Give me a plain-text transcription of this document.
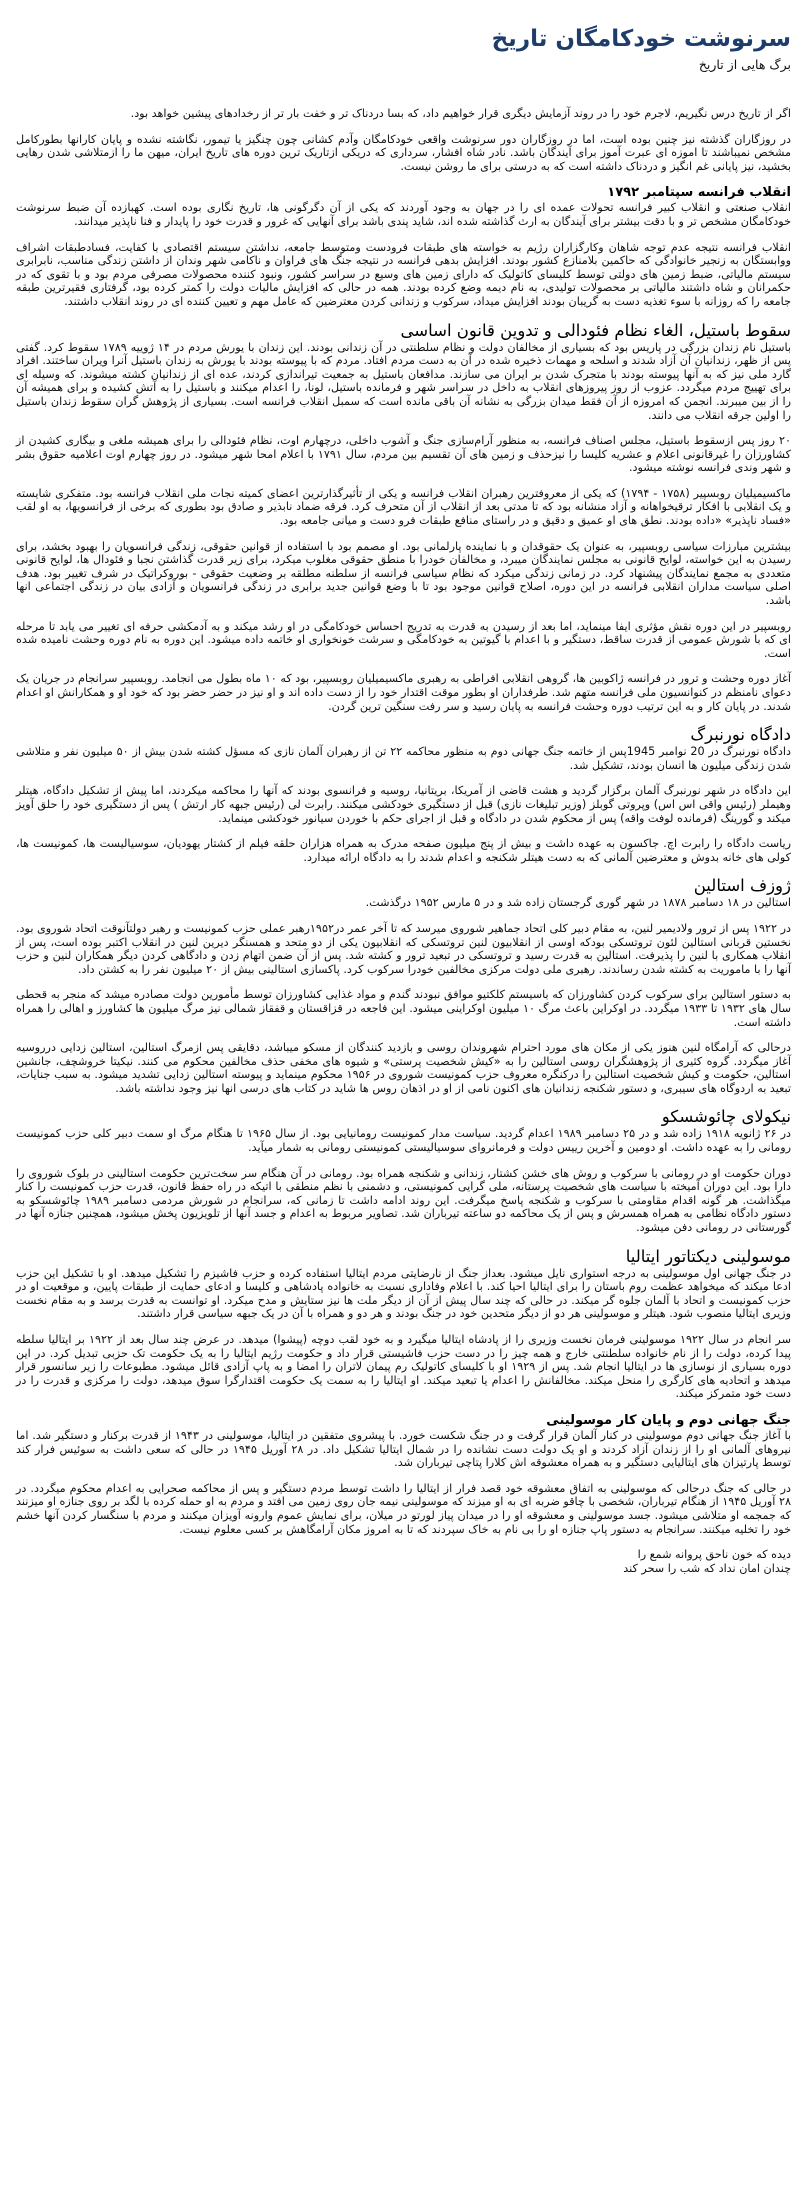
سرنوشت خودکامگان تاریخ
برگ هایی از تاریخ

اگر از تاریخ درس نگیریم، لاجرم خود را در روند آزمایش دیگری قرار خواهیم داد، که بسا دردناک تر و خفت بار تر از رخدادهای پیشین خواهد بود.

در روزگاران گذشته نیز چنین بوده است، اما در روزگاران دور سرنوشت واقعی خودکامگان وآدم کشانی چون چنگیز یا تیمور، نگاشته نشده و پایان کارانها بطورکامل مشخص نمیباشند تا اموزه ای عبرت آموز برای آیندگان باشد. نادر شاه افشار، سرداری که دریکی ازتاریک ترین دوره های تاریخ ایران، میهن ما را ازمتلاشی شدن رهایی بخشید، نیز پایانی غم انگیز و دردناک داشته است که به درستی برای ما روشن نیست.

انقلاب فرانسه سپتامبر ۱۷۹۲

انقلاب صنعتی و انقلاب کبیر فرانسه تحولات عمده ای را در جهان به وجود آوردند که یکی از آن دگرگونی ها، تاریخ نگاری بوده است. کهبازده آن ضبط سرنوشت خودکامگان مشخص تر و با دقت بیشتر برای آیندگان به ارث گذاشته شده اند، شاید پندی باشد برای آنهایی که غرور و قدرت خود را پایدار و فنا ناپذیر میدانند.

انقلاب فرانسه نتیجه عدم توجه شاهان وکارگزاران رژیم به خواسته های طبقات فرودست ومتوسط جامعه، نداشتن سیستم اقتصادی با کفایت، فسادطبقات اشراف ووابستگان به زنجیر خانوادگی که حاکمین بلامنازع کشور بودند. افزایش بدهی فرانسه در نتیجه جنگ های فراوان و ناکامی شهر وندان از داشتن زندگی مناسب، نابرابری سیستم مالیاتی، ضبط زمین های دولتی توسط کلیسای کاتولیک که دارای زمین های وسیع در سراسر کشور، ونبود کننده محصولات مصرفی مردم بود و با تقوی که در حکمرانان و شاه داشتند مالیاتی بر محصولات تولیدی، به نام دیمه وضع کرده بودند. همه در حالی که افزایش مالیات دولت را کمتر کرده بود، گرفتاری فقیرترین طبقه جامعه را که روزانه با سوء تغذیه دست به گریبان بودند افزایش میداد، سرکوب و زندانی کردن معترضین که عامل مهم و تعیین کننده ای در روند انقلاب داشتند.

سقوط باستیل، الغاء نظام فئودالی و تدوین قانون اساسی

باستیل نام زندان بزرگی در پاریس بود که بسیاری از مخالفان دولت و نظام سلطنتی در آن زندانی بودند. این زندان با یورش مردم در ۱۴ ژوییه ۱۷۸۹ سقوط کرد. گفتی پس از ظهر، زندانیان آن آزاد شدند و اسلحه و مهمات ذخیره شده در آن به دست مردم افتاد. مردم که با پیوسته بودند با یورش به زندان باستیل آنرا ویران ساختند. افراد گارد ملی نیز که به آنها پیوسته بودند با متجرک شدن بر ایران می سازند. مدافعان باستیل به جمعیت تیراندازی کردند، عده ای از زندانیان کشته میشوند. که وسیله ای برای تهییج مردم میگردد. عزوب از روز پیروزهای انقلاب به داخل در سراسر شهر و فرمانده باستیل، لونا، را اعدام میکنند و باستیل را به آتش کشیده و برای همیشه آن را از بین میبرند. انجمن که امروزه از آن فقط میدان بزرگی به نشانه آن باقی مانده است که سمبل انقلاب فرانسه است. بسیاری از پژوهش گران سقوط زندان باستیل را اولین جرقه انقلاب می دانند.

۲۰ روز پس ازسقوط باستیل، مجلس اصناف فرانسه، به منظور آرام‌سازی جنگ و آشوب داخلی، درچهارم اوت، نظام فئودالی را برای همیشه ملغی و بیگاری کشیدن از کشاورزان را غیرقانونی اعلام و عشریه کلیسا را نیزحذف و زمین های آن تقسیم بین مردم، سال ۱۷۹۱ با اعلام امحا شهر میشود. در روز چهارم اوت اعلامیه حقوق بشر و شهر وندی فرانسه نوشته میشود.

ماکسیمیلیان روبسپیر (۱۷۵۸ - ۱۷۹۴) که یکی از معروفترین رهبران انقلاب فرانسه و یکی از تأثیرگذارترین اعضای کمیته نجات ملی انقلاب فرانسه بود. متفکری شایسته و یک انقلابی با افکار ترقیخواهانه و آزاد منشانه بود که تا مدتی بعد از انقلاب از آن متحرف کرد. فرقه ضماد نابذیر و صادق بود بطوری که برخی از فرانسویها، به او لقب «فساد ناپذیر» «داده بودند. نطق های او عمیق و دقیق و در راستای منافع طبقات فرو دست و میانی جامعه بود.

بیشترین مبارزات سیاسی روبسپیر، به عنوان یک حقوقدان و با نماینده پارلمانی بود. او مصمم بود با استفاده از قوانین حقوقی، زندگی فرانسویان را بهبود بخشد، برای رسیدن به این خواسته، لوایح قانونی به مجلس نمایندگان میبرد، و مخالفان خودرا با منطق حقوقی مغلوب میکرد، برای زیر قدرت گذاشتن نجبا و فئودال ها، لوایح قانونی متعددی به مجمع نمایندگان پیشنهاد کرد. در زمانی زندگی میکرد که نظام سیاسی فرانسه از سلطنه مطلقه بر وضعیت حقوقی - بوروکراتیک در شرف تغییر بود. هدف اصلی سیاست مداران انقلابی فرانسه در این دوره، اصلاح قوانین موجود بود تا با وضع قوانین جدید برابری ‌در زندگی فرانسویان و آزادی بیان در زندگی اجتماعی انها باشد.

روبسپیر در این دوره نقش مؤثری ایفا مینماید، اما بعد از رسیدن به قدرت به تدریج احساس خودکامگی در او رشد میکند و به آدمکشی حرفه ای تغییر می یابد تا مرحله ای که با شورش عمومی از قدرت ساقط، دستگیر و با اعدام با گیوتین به خودکامگی و سرشت خونخواری او خاتمه داده میشود. این دوره به نام دوره وحشت نامیده شده است.

آغاز دوره وحشت و ترور در فرانسه ژاکوبین ها، گروهی انقلابی افراطی به رهبری ماکسیمیلیان روبسپیر، بود که ۱۰ ماه بطول می انجامد. روبسپیر سرانجام در جریان یک دعوای نامنظم در کنوانسیون ملی فرانسه متهم شد. طرفداران او بطور موقت اقتدار خود را از دست داده اند و او نیز در حضر حضر بود که خود او و همکارانش او اعدام شدند. در پایان کار و به این ترتیب دوره وحشت فرانسه به پایان رسید و سر رفت سنگین ترین گردن.

دادگاه نورنبرگ

دادگاه نورنبرگ در 20 نوامبر 1945پس از خاتمه جنگ جهانی دوم به منظور محاکمه ۲۲ تن از رهبران آلمان نازی که مسؤل کشته شدن بیش از ۵۰ میلیون نفر و متلاشی شدن زندگی میلیون ها انسان بودند، تشکیل شد.

این دادگاه در شهر نورنبرگ آلمان برگزار گردید و هشت قاضی از آمریکا، بریتانیا، روسیه و فرانسوی بودند که آنها را محاکمه میکردند، اما پیش از تشکیل دادگاه، هیتلر وهیملر (رئیس واقی اس اس) وپروتی گوبلز (وزیر تبلیغات نازی) قبل از دستگیری خودکشی میکنند. رابرت لی (رئیس جبهه کار ارتش ) پس از دستگیری خود را حلق آویز میکند و گورینگ (فرمانده لوفت واقه) پس از محکوم شدن در دادگاه و قبل از اجرای حکم با خوردن سیانور خودکشی مینماید.

ریاست دادگاه را رابرت اچ. جاکسون به عهده داشت و بیش از پنج میلیون صفحه مدرک به همراه هزاران حلقه فیلم از کشتار یهودیان، سوسیالیست ها، کمونیست ها، کولی های خانه بدوش و معترضین آلمانی که به دست هیتلر شکنجه و اعدام شدند را به دادگاه ارائه میدارد.

ژوزف استالین

استالین در ۱۸ دسامبر ۱۸۷۸ در شهر گوری گرجستان زاده شد و در ۵ مارس ۱۹۵۲ درگذشت.

در ۱۹۲۲ پس از ترور ولادیمیر لنین، به مقام دبیر کلی اتحاد جماهیر شوروی میرسد که تا آخر عمر در۱۹۵۲رهبر عملی حزب کمونیست و رهبر دولتآنوقت اتحاد شوروی بود. نخستین قربانی استالین لئون تروتسکی بودکه اوسی از انقلابیون لنین تروتسکی که انقلابیون یکی از دو متحد و همسنگر دیرین لنین در انقلاب اکتبر بوده است، پس از انقلاب همکاری با لنین را پذیرفت. استالین به قدرت رسید و تروتسکی در تبعید ترور و کشته شد. پس از آن ضمن اتهام زدن و دادگاهی کردن دیگر همکاران لنین و حزب آنها را با ماموریت به کشته شدن رساندند. رهبری ملی دولت مرکزی مخالفین خودرا سرکوب کرد. پاکسازی استالینی بیش از ۲۰ میلیون نفر را به کشتن داد.

به دستور استالین برای سرکوب کردن کشاورزان که باسیستم کلکتیو موافق نبودند گندم و مواد غذایی کشاورزان توسط مأمورین دولت مصادره میشد که منجر به قحطی سال های ۱۹۳۲ تا ۱۹۳۳ میگردد. در اوکراین باعث مرگ ۱۰ میلیون اوکراینی میشود. این فاجعه در قزاقستان و قفقاز شمالی نیز مرگ میلیون ها کشاورز و اهالی را همراه داشته است.

درحالی که آرامگاه لنین هنوز یکی از مکان های مورد احترام شهروندان روسی و بازدید کنندگان از مسکو میباشد، دقایقی پس ازمرگ استالین، استالین زدایی درروسیه آغاز میگردد. گروه کثیری از پژوهشگران روسی استالین را به «کیش شخصیت پرستی» و شیوه های مخفی حذف مخالفین محکوم می کنند. نیکیتا خروشچف، جانشین استالین، حکومت و کیش شخصیت استالین را درکنگره معروف حزب کمونیست شوروی در ۱۹۵۶ محکوم مینماید و پیوسته استالین زدایی تشدید میشود. به سبب جنایات، تبعید به اردوگاه های سیبری، و دستور شکنجه زندانیان های اکنون نامی از او در اذهان روس ها شاید در کتاب های درسی انها نیز وجود نداشته باشد.

نیکولای چائوشسکو

در ۲۶ ژانویه ۱۹۱۸ زاده شد و در ۲۵ دسامبر ۱۹۸۹ اعدام گردید. سیاست مدار کمونیست رومانیایی بود. از سال ۱۹۶۵ تا هنگام مرگ او سمت دبیر کلی حزب کمونیست رومانی را به عهده داشت. او دومین و آخرین رییس دولت و فرمانروای سوسیالیستی کمونیستی رومانی به شمار میآید.

دوران حکومت او در رومانی با سرکوب و روش های خشن کشتار، زندانی و شکنجه همراه بود. رومانی در آن هنگام سر سخت‌ترین حکومت استالینی در بلوک شوروی را دارا بود. این دوران آمیخته با سیاست های شخصیت پرستانه، ملی گرایی کمونیستی، و دشمنی با نظم منطقی با اتیکه در راه حفظ قانون، قدرت حزب کمونیست را کنار میگذاشت. هر گونه اقدام مقاومتی با سرکوب و شکنجه پاسخ میگرفت. این روند ادامه داشت تا زمانی که، سرانجام در شورش مردمی دسامبر ۱۹۸۹ چائوشسکو به دستور دادگاه نظامی به همراه همسرش و پس از یک محاکمه دو ساعته تیرباران شد. تصاویر مربوط به اعدام و جسد آنها از تلویزیون پخش میشود، همچنین جنازه آنها در گورستانی در رومانی دفن میشود.

موسولینی دیکتاتور ایتالیا

در جنگ جهانی اول موسولینی به درجه استواری نایل میشود. بعداز جنگ از نارضایتی مردم ایتالیا استفاده کرده و حزب فاشیزم را تشکیل میدهد. او با تشکیل این حزب ادعا میکند که میخواهد عظمت روم باستان را برای ایتالیا احیا کند. با اعلام وفاداری نسبت به خانواده پادشاهی و کلیسا و ادعای حمایت از طبقات پایین، و موقعیت او در حزب کمونیست و اتحاد با آلمان جلوه گر میکند. در حالی که چند سال پیش از آن از دیگر ملت ها نیز ستایش و مدح میکرد. او توانست به قدرت برسد و به مقام نخست وزیری ایتالیا منصوب شود. هیتلر و موسولینی هر دو از دیگر متحدین خود در جنگ بودند و هر دو و همراه با آن در یک جبهه سیاسی قرار داشتند.

سر انجام در سال ۱۹۲۲ موسولینی فرمان نخست وزیری را از پادشاه ایتالیا میگیرد و به خود لقب دوچه (پیشوا) میدهد. در عرض چند سال بعد از ۱۹۲۲ بر ایتالیا سلطه پیدا کرده، دولت را از نام خانواده سلطنتی خارج و همه چیز را در دست حزب فاشیستی قرار داد و حکومت رژیم ایتالیا را به یک حکومت تک حزبی تبدیل کرد. در این دوره بسیاری از نوسازی ها در ایتالیا انجام شد. پس از ۱۹۲۹ او با کلیسای کاتولیک رم پیمان لاتران را امضا و به پاپ آزادی قائل میشود. مطبوعات را زیر سانسور قرار میدهد و اتحادیه های کارگری را منحل میکند. مخالفانش را اعدام یا تبعید میکند. او ایتالیا را به سمت یک حکومت اقتدارگرا سوق میدهد، دولت را مرکزی و قدرت را در دست خود متمرکز میکند.

جنگ جهانی دوم و پایان کار موسولینی

با آغاز جنگ جهانی دوم موسولینی در کنار آلمان قرار گرفت و در جنگ شکست خورد. با پیشروی متفقین در ایتالیا، موسولینی در ۱۹۴۳ از قدرت برکنار و دستگیر شد. اما نیروهای آلمانی او را از زندان آزاد کردند و او یک دولت دست نشانده را در شمال ایتالیا تشکیل داد. در ۲۸ آوریل ۱۹۴۵ در حالی که سعی داشت به سوئیس فرار کند توسط پارتیزان های ایتالیایی دستگیر و به همراه معشوقه اش کلارا پتاچی تیرباران شد.

در حالی که جنگ درحالی که موسولینی به اتفاق معشوقه خود قصد فرار از ایتالیا را داشت توسط مردم دستگیر و پس از محاکمه صحرایی به اعدام محکوم میگردد. در ۲۸ آوریل ۱۹۴۵ از هنگام تیرباران، شخصی با چاقو ضربه ای به او میزند که موسولینی نیمه جان روی زمین می افتد و مردم به او حمله کرده با لگد بر روی جنازه او میزنند که جمجمه او متلاشی میشود. جسد موسولینی و معشوقه او را در میدان پیاز لورتو در میلان، برای نمایش عموم وارونه آویزان میکنند و مردم با سنگسار کردن آنها خشم خود را تخلیه میکنند. سرانجام به دستور پاپ جنازه او را بی نام به خاک سپردند که تا به امروز مکان آرامگاهش بر کسی معلوم نیست.

دیده که خون ناحق پروانه شمع را

چندان امان نداد که شب را سحر کند
